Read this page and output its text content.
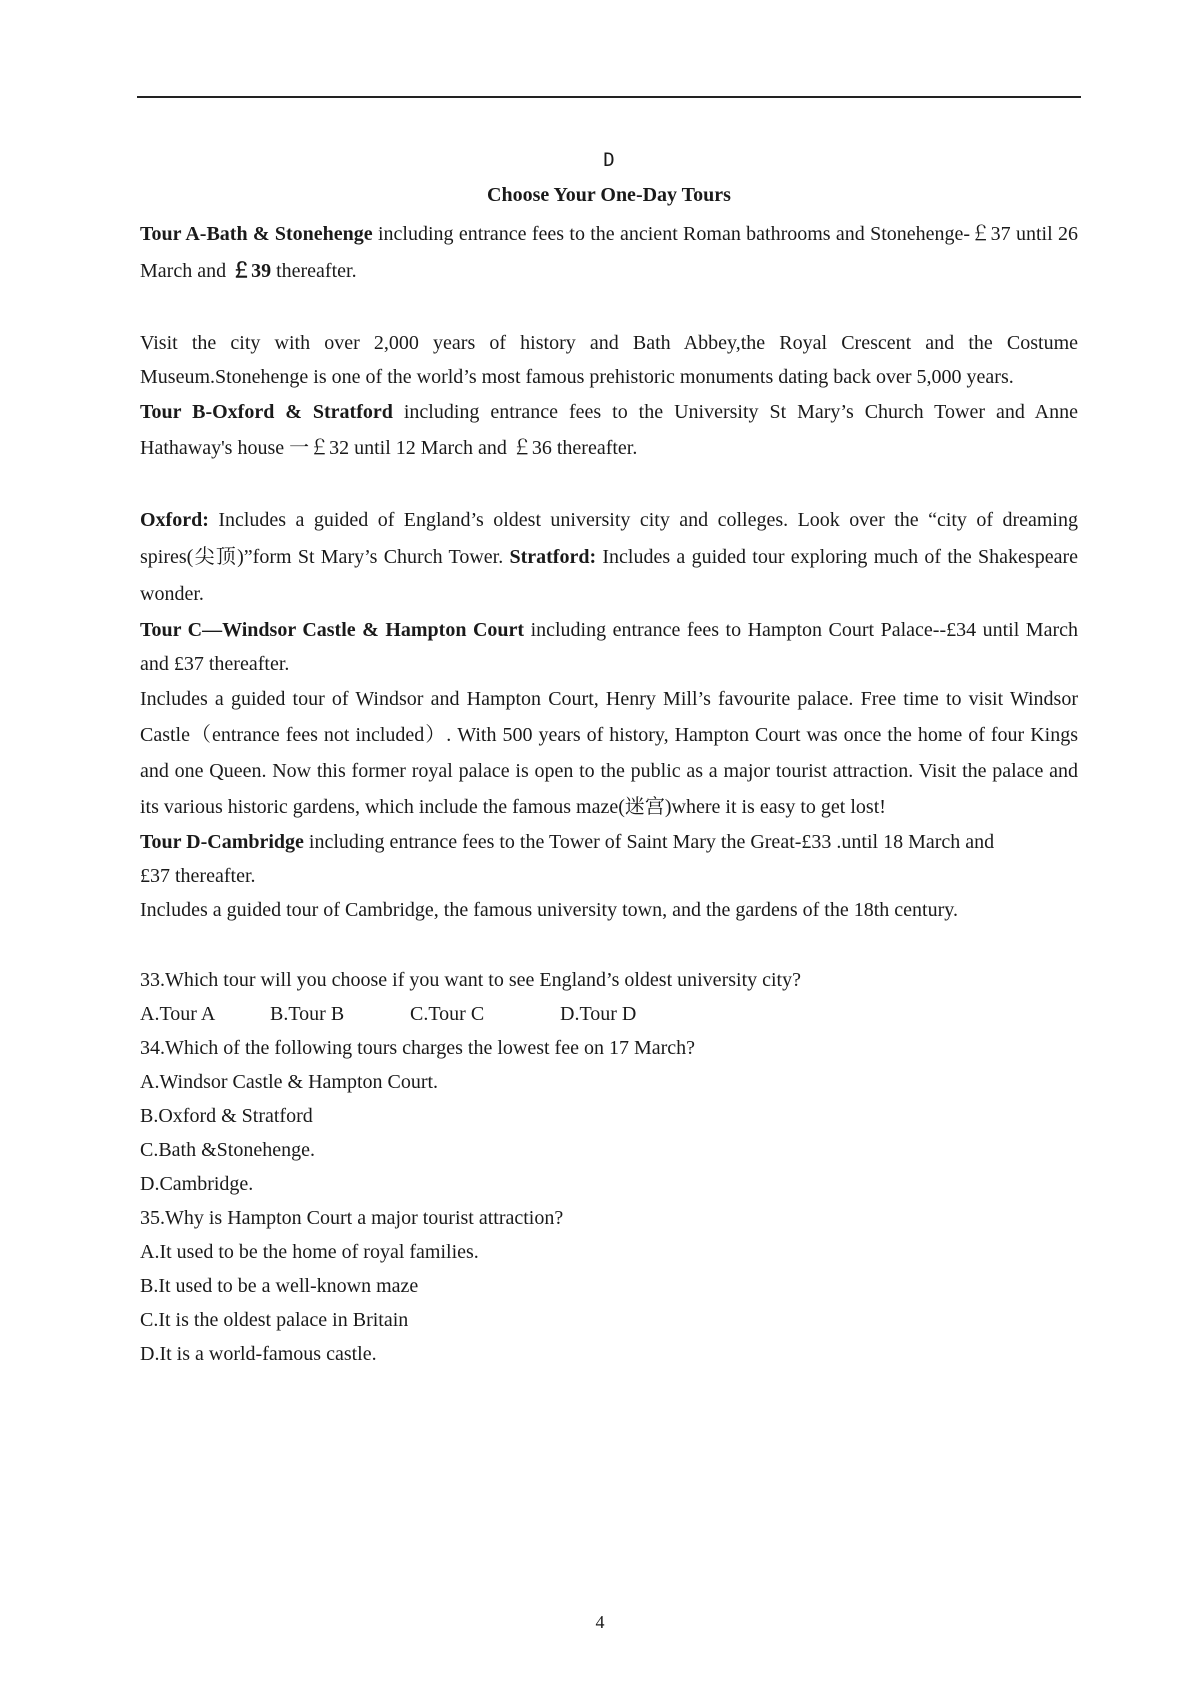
D
Choose Your One-Day Tours

Tour A-Bath & Stonehenge including entrance fees to the ancient Roman bathrooms and Stonehenge-￡37 until 26 March and ￡39 thereafter.

Visit the city with over 2,000 years of history and Bath Abbey,the Royal Crescent and the Costume Museum.Stonehenge is one of the world’s most famous prehistoric monuments dating back over 5,000 years.

Tour B-Oxford & Stratford including entrance fees to the University St Mary’s Church Tower and Anne Hathaway's house 一￡32 until 12 March and ￡36 thereafter.

Oxford: Includes a guided of England’s oldest university city and colleges. Look over the “city of dreaming spires(尖顶)”form St Mary’s Church Tower. Stratford: Includes a guided tour exploring much of the Shakespeare wonder.

Tour C—Windsor Castle & Hampton Court including entrance fees to Hampton Court Palace--£34 until March and £37 thereafter.

Includes a guided tour of Windsor and Hampton Court, Henry Mill’s favourite palace. Free time to visit Windsor Castle（entrance fees not included）. With 500 years of history, Hampton Court was once the home of four Kings and one Queen. Now this former royal palace is open to the public as a major tourist attraction. Visit the palace and its various historic gardens, which include the famous maze(迷宫)where it is easy to get lost!

Tour D-Cambridge including entrance fees to the Tower of Saint Mary the Great-£33 .until 18 March and
£37 thereafter.

Includes a guided tour of Cambridge, the famous university town, and the gardens of the 18th century.

33.Which tour will you choose if you want to see England’s oldest university city?
A.Tour A	B.Tour B	C.Tour C	D.Tour D
34.Which of the following tours charges the lowest fee on 17 March?
A.Windsor Castle & Hampton Court.
B.Oxford & Stratford
C.Bath &Stonehenge.
D.Cambridge.
35.Why is Hampton Court a major tourist attraction?
A.It used to be the home of royal families.
B.It used to be a well-known maze
C.It is the oldest palace in Britain
D.It is a world-famous castle.
4
